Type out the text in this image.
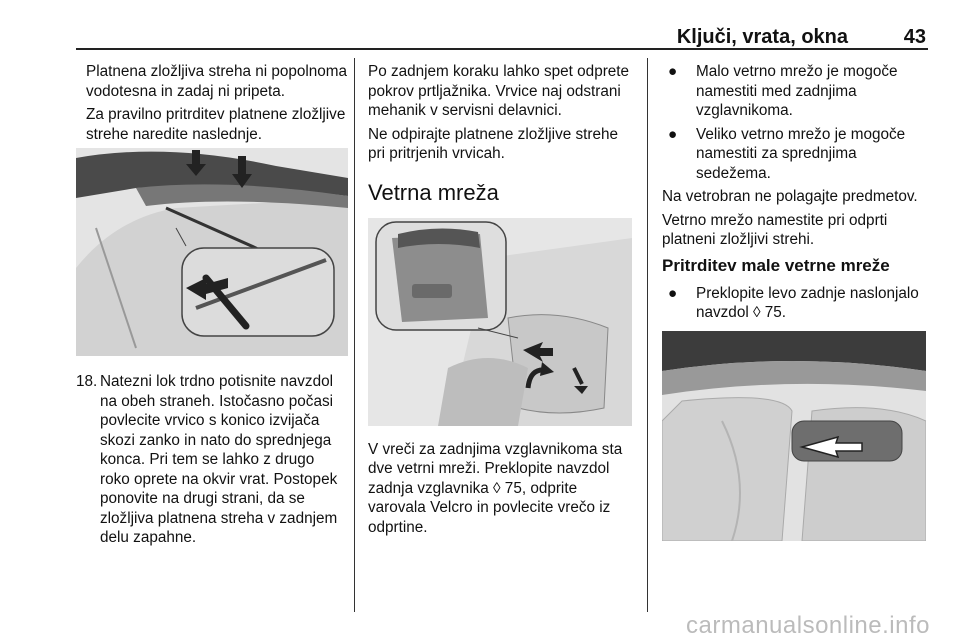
Ključi, vrata, okna	43

Platnena zložljiva streha ni popolnoma vodotesna in zadaj ni pripeta.

Za pravilno pritrditev platnene zložljive strehe naredite naslednje.

18. Natezni lok trdno potisnite navzdol na obeh straneh. Istočasno počasi povlecite vrvico s konico izvijača skozi zanko in nato do sprednjega konca. Pri tem se lahko z drugo roko oprete na okvir vrat. Postopek ponovite na drugi strani, da se zložljiva platnena streha v zadnjem delu zapahne.

Po zadnjem koraku lahko spet odprete pokrov prtljažnika. Vrvice naj odstrani mehanik v servisni delavnici.

Ne odpirajte platnene zložljive strehe pri pritrjenih vrvicah.

Vetrna mreža

V vreči za zadnjima vzglavnikoma sta dve vetrni mreži. Preklopite navzdol zadnja vzglavnika ◊ 75, odprite varovala Velcro in povlecite vrečo iz odprtine.

●	Malo vetrno mrežo je mogoče namestiti med zadnjima vzglavnikoma.
●	Veliko vetrno mrežo je mogoče namestiti za sprednjima sedežema.

Na vetrobran ne polagajte predmetov.

Vetrno mrežo namestite pri odprti platneni zložljivi strehi.

Pritrditev male vetrne mreže
●	Preklopite levo zadnje naslonjalo navzdol ◊ 75.
carmanualsonline.info
